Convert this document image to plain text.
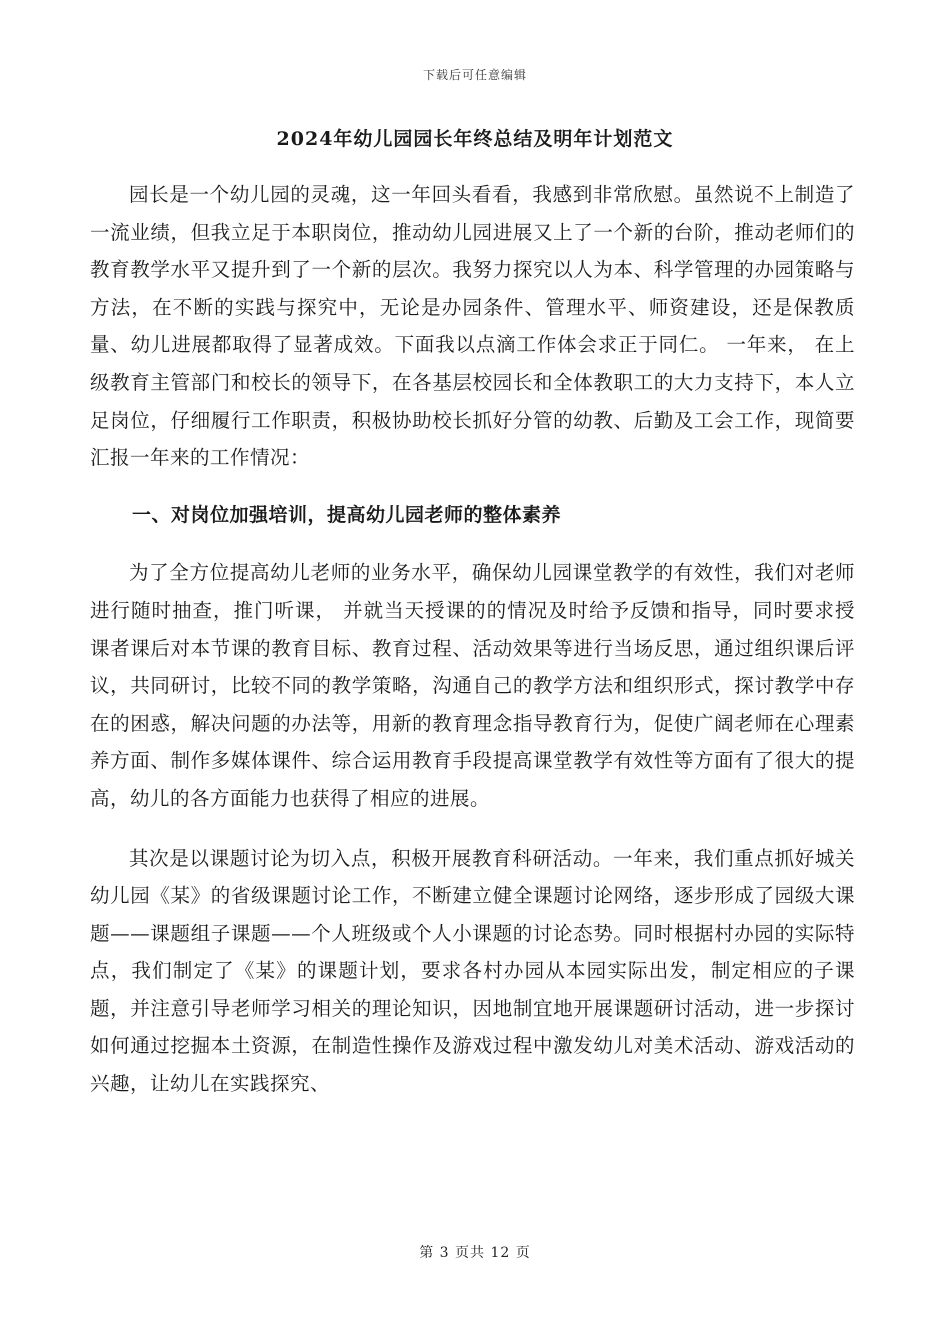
下载后可任意编辑
2024年幼儿园园长年终总结及明年计划范文

园长是一个幼儿园的灵魂，这一年回头看看，我感到非常欣慰。虽然说不上制造了一流业绩，但我立足于本职岗位，推动幼儿园进展又上了一个新的台阶，推动老师们的教育教学水平又提升到了一个新的层次。我努力探究以人为本、科学管理的办园策略与方法，在不断的实践与探究中，无论是办园条件、管理水平、师资建设，还是保教质量、幼儿进展都取得了显著成效。下面我以点滴工作体会求正于同仁。 一年来， 在上级教育主管部门和校长的领导下，在各基层校园长和全体教职工的大力支持下，本人立足岗位，仔细履行工作职责，积极协助校长抓好分管的幼教、后勤及工会工作，现简要汇报一年来的工作情况：

一、对岗位加强培训，提高幼儿园老师的整体素养

为了全方位提高幼儿老师的业务水平，确保幼儿园课堂教学的有效性，我们对老师进行随时抽查，推门听课， 并就当天授课的的情况及时给予反馈和指导，同时要求授课者课后对本节课的教育目标、教育过程、活动效果等进行当场反思，通过组织课后评议，共同研讨，比较不同的教学策略，沟通自己的教学方法和组织形式，探讨教学中存在的困惑，解决问题的办法等，用新的教育理念指导教育行为，促使广阔老师在心理素养方面、制作多媒体课件、综合运用教育手段提高课堂教学有效性等方面有了很大的提高，幼儿的各方面能力也获得了相应的进展。

其次是以课题讨论为切入点，积极开展教育科研活动。一年来，我们重点抓好城关幼儿园《某》的省级课题讨论工作，不断建立健全课题讨论网络，逐步形成了园级大课题——课题组子课题——个人班级或个人小课题的讨论态势。同时根据村办园的实际特点，我们制定了《某》的课题计划，要求各村办园从本园实际出发，制定相应的子课题，并注意引导老师学习相关的理论知识，因地制宜地开展课题研讨活动，进一步探讨如何通过挖掘本土资源，在制造性操作及游戏过程中激发幼儿对美术活动、游戏活动的兴趣，让幼儿在实践探究、

第 3 页共 12 页
